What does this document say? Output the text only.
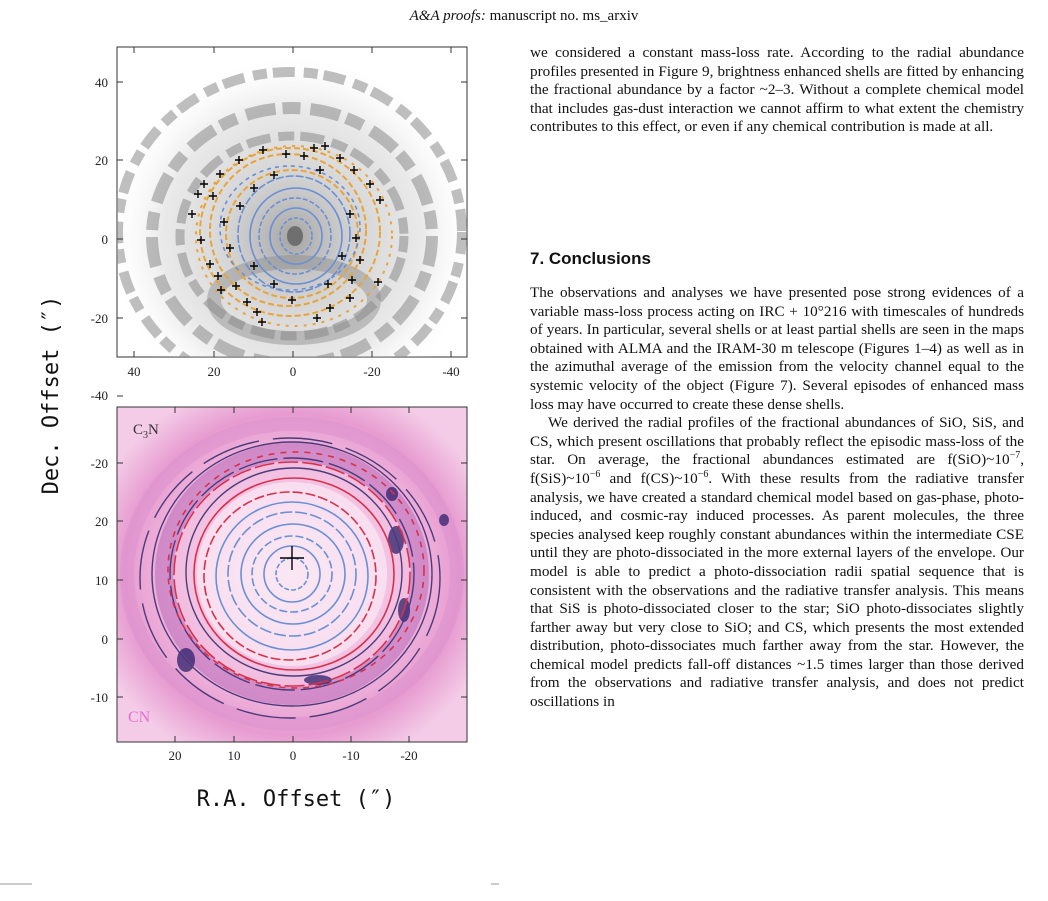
A&A proofs: manuscript no. ms_arxiv
40	20	0	-20	-40
40
20
0
-20
-40
$C_3N$
CN
20	10	0	-10	-20
20
10
0
-10
-20
Dec. Offset (″)
R.A. Offset (″)

we considered a constant mass-loss rate. According to the radial abundance profiles presented in Figure 9, brightness enhanced shells are fitted by enhancing the fractional abundance by a factor ~2–3. Without a complete chemical model that includes gas-dust interaction we cannot affirm to what extent the chemistry contributes to this effect, or even if any chemical contribution is made at all.

7. Conclusions

The observations and analyses we have presented pose strong evidences of a variable mass-loss process acting on IRC + 10°216 with timescales of hundreds of years. In particular, several shells or at least partial shells are seen in the maps obtained with ALMA and the IRAM-30 m telescope (Figures 1–4) as well as in the azimuthal average of the emission from the velocity channel equal to the systemic velocity of the object (Figure 7). Several episodes of enhanced mass loss may have occurred to create these dense shells.

We derived the radial profiles of the fractional abundances of SiO, SiS, and CS, which present oscillations that probably reflect the episodic mass-loss of the star. On average, the fractional abundances estimated are $f(SiO)\sim 10^{-7}$, $f(SiS)\sim 10^{-6}$ and $f(CS)\sim 10^{-6}$. With these results from the radiative transfer analysis, we have created a standard chemical model based on gas-phase, photo-induced, and cosmic-ray induced processes. As parent molecules, the three species analysed keep roughly constant abundances within the intermediate CSE until they are photo-dissociated in the more external layers of the envelope. Our model is able to predict a photo-dissociation radii spatial sequence that is consistent with the observations and the radiative transfer analysis. This means that SiS is photo-dissociated closer to the star; SiO photo-dissociates slightly farther away but very close to SiO; and CS, which presents the most extended distribution, photo-dissociates much farther away from the star. However, the chemical model predicts fall-off distances ~1.5 times larger than those derived from the observations and radiative transfer analysis, and does not predict oscillations in
